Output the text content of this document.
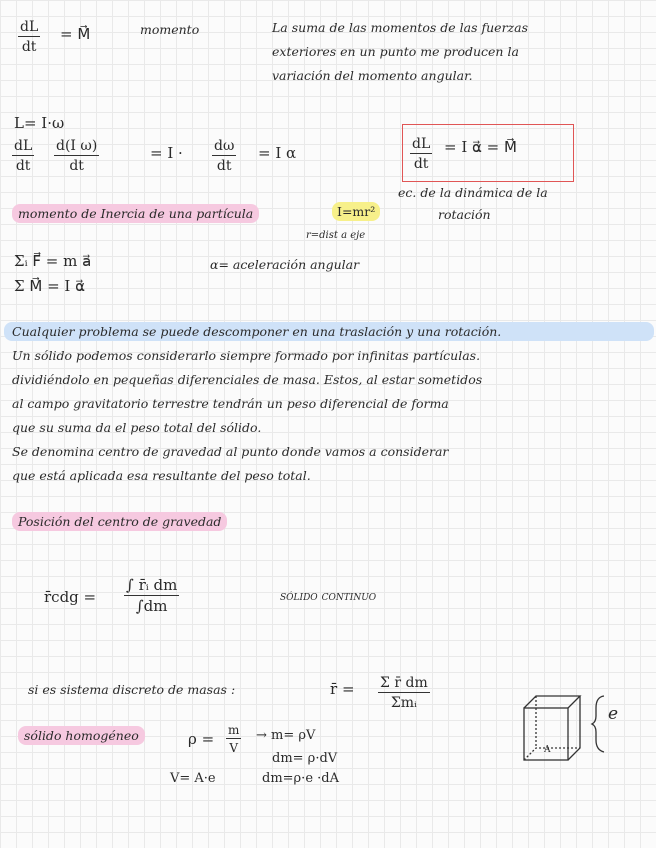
dL
dt
= M⃗	momento	La suma de las momentos de las fuerzas
exteriores en un punto me producen la
variación del momento angular.
L= I·ω
dL
dt
d(I ω)
dt
= I · dω
dt
= I α	dL
dt
= I α⃗ = M⃗
ec. de la dinámica de la
rotación
momento de Inercia de una partícula	I=mr²
r=dist a eje
Σᵢ F⃗ = m a⃗
Σ M⃗ = I α⃗
α= aceleración angular
Cualquier problema se puede descomponer en una traslación y una rotación.
Un sólido podemos considerarlo siempre formado por infinitas partículas.
dividiéndolo en pequeñas diferenciales de masa. Estos, al estar sometidos
al campo gravitatorio terrestre tendrán un peso diferencial de forma
que su suma da el peso total del sólido.
Se denomina centro de gravedad al punto donde vamos a considerar
que está aplicada esa resultante del peso total.
Posición del centro de gravedad
r̄cdg =
∫ r̄ᵢ dm
∫dm
sólido continuo
si es sistema discreto de masas :	r̄ = Σ r̄ dm
Σmᵢ
sólido homogéneo	ρ = m
V
→ m= ρV
dm= ρ·dV
V= A·e	dm=ρ·e ·dA
A
e
